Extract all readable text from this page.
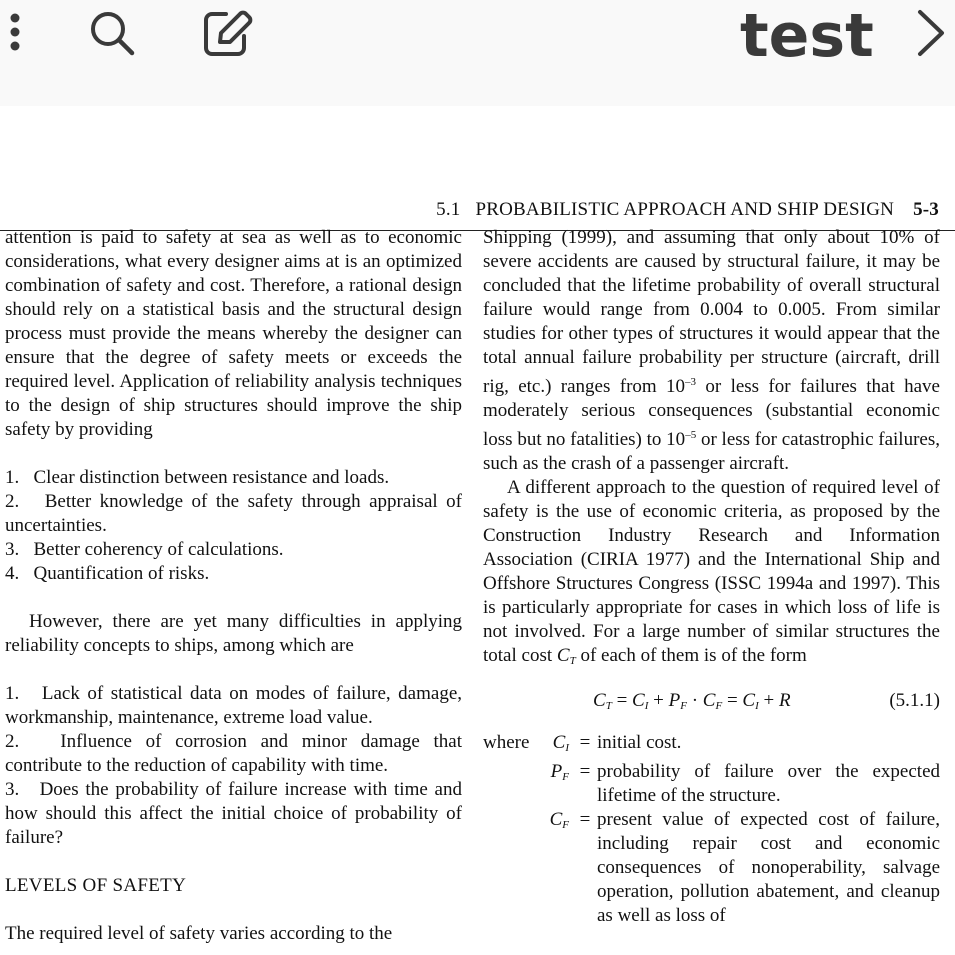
test
5.1 PROBABILISTIC APPROACH AND SHIP DESIGN 5-3

attention is paid to safety at sea as well as to economic considerations, what every designer aims at is an optimized combination of safety and cost. Therefore, a rational design should rely on a statistical basis and the structural design process must provide the means whereby the designer can ensure that the degree of safety meets or exceeds the required level. Application of reliability analysis techniques to the design of ship structures should improve the ship safety by providing

1.   Clear distinction between resistance and loads.

2.   Better knowledge of the safety through appraisal of uncertainties.

3.   Better coherency of calculations.

4.   Quantification of risks.

However, there are yet many difficulties in applying reliability concepts to ships, among which are

1.   Lack of statistical data on modes of failure, damage, workmanship, maintenance, extreme load value.

2.   Influence of corrosion and minor damage that contribute to the reduction of capability with time.

3.   Does the probability of failure increase with time and how should this affect the initial choice of probability of failure?

LEVELS OF SAFETY

The required level of safety varies according to the

Shipping (1999), and assuming that only about 10% of severe accidents are caused by structural failure, it may be concluded that the lifetime probability of overall structural failure would range from 0.004 to 0.005. From similar studies for other types of structures it would appear that the total annual failure probability per structure (aircraft, drill rig, etc.) ranges from $10^{-3}$ or less for failures that have moderately serious consequences (substantial economic loss but no fatalities) to $10^{-5}$ or less for catastrophic failures, such as the crash of a passenger aircraft.

A different approach to the question of required level of safety is the use of economic criteria, as proposed by the Construction Industry Research and Information Association (CIRIA 1977) and the International Ship and Offshore Structures Congress (ISSC 1994a and 1997). This is particularly appropriate for cases in which loss of life is not involved. For a large number of similar structures the total cost $C_T$ of each of them is of the form

$C_T = C_I + P_F \cdot C_F = C_I + R$	(5.1.1)
where	$C_I$ = initial cost.
$P_F$ = probability of failure over the expected lifetime of the structure.
$C_F$ = present value of expected cost of failure, including repair cost and economic consequences of nonoperability, salvage operation, pollution abatement, and cleanup as well as loss of
